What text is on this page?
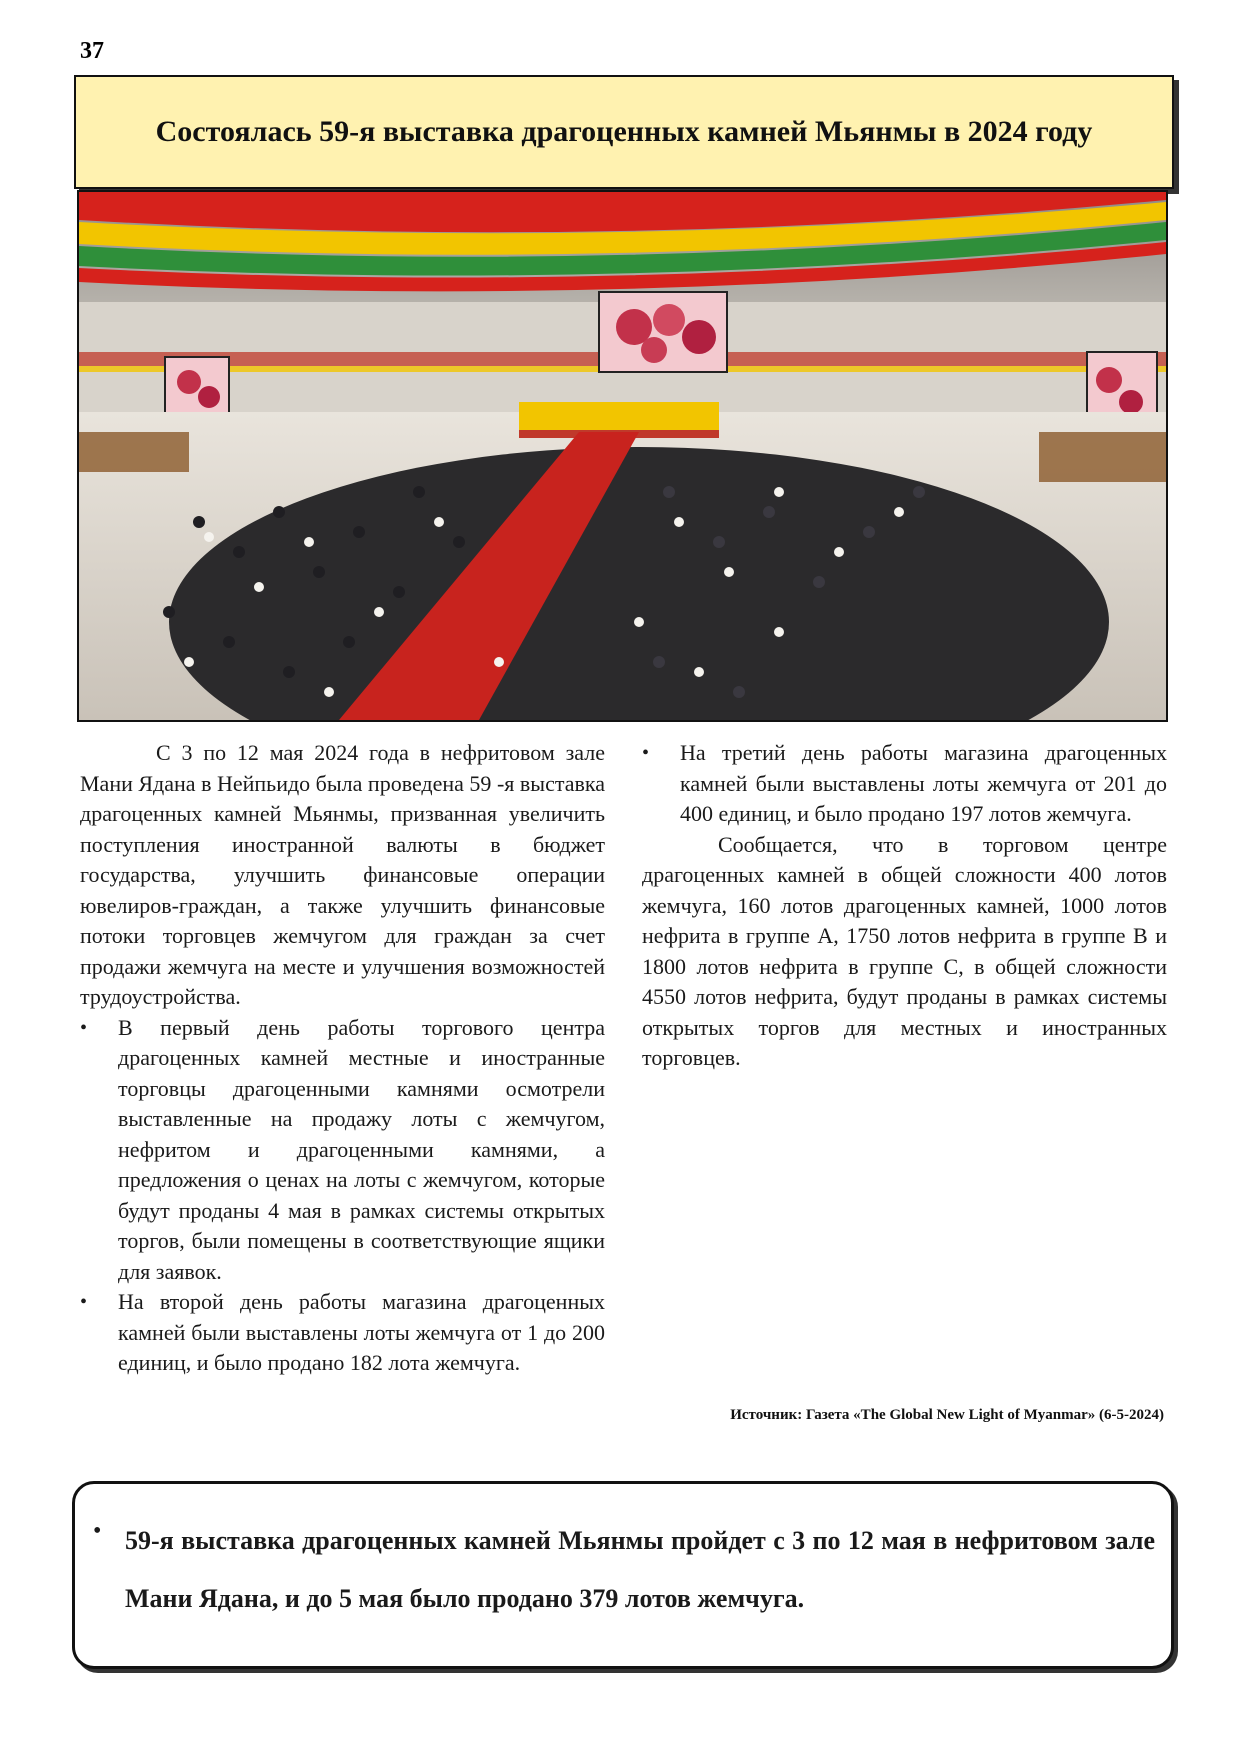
37
Состоялась 59-я выставка драгоценных камней Мьянмы в 2024 году

С 3 по 12 мая 2024 года в нефритовом зале Мани Ядана в Нейпьидо была проведена 59 -я выставка драгоценных камней Мьянмы, призванная увеличить поступления иностранной валюты в бюджет государства, улучшить финансовые операции ювелиров-граждан, а также улучшить финансовые потоки торговцев жемчугом для граждан за счет продажи жемчуга на месте и улучшения возможностей трудоустройства.

• В первый день работы торгового центра драгоценных камней местные и иностранные торговцы драгоценными камнями осмотрели выставленные на продажу лоты с жемчугом, нефритом и драгоценными камнями, а предложения о ценах на лоты с жемчугом, которые будут проданы 4 мая в рамках системы открытых торгов, были помещены в соответствующие ящики для заявок.
• На второй день работы магазина драгоценных камней были выставлены лоты жемчуга от 1 до 200 единиц, и было продано 182 лота жемчуга.
• На третий день работы магазина драгоценных камней были выставлены лоты жемчуга от 201 до 400 единиц, и было продано 197 лотов жемчуга.

Сообщается, что в торговом центре драгоценных камней в общей сложности 400 лотов жемчуга, 160 лотов драгоценных камней, 1000 лотов нефрита в группе A, 1750 лотов нефрита в группе B и 1800 лотов нефрита в группе C, в общей сложности 4550 лотов нефрита, будут проданы в рамках системы открытых торгов для местных и иностранных торговцев.

Источник: Газета «The Global New Light of Myanmar» (6-5-2024)
• 59-я выставка драгоценных камней Мьянмы пройдет с 3 по 12 мая в нефритовом зале Мани Ядана, и до 5 мая было продано 379 лотов жемчуга.
